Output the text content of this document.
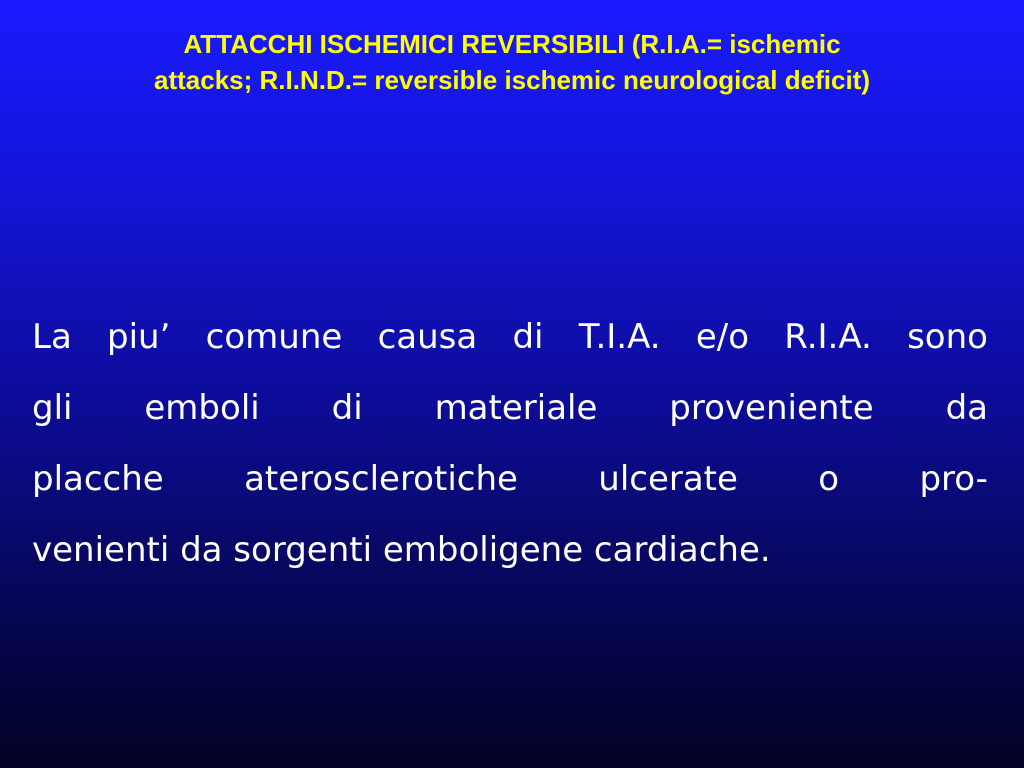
ATTACCHI ISCHEMICI REVERSIBILI (R.I.A.= ischemic
attacks; R.I.N.D.= reversible ischemic neurological deficit)
La piu’ comune causa di T.I.A. e/o R.I.A. sono
gli emboli di materiale proveniente da
placche aterosclerotiche ulcerate o pro-
venienti da sorgenti emboligene cardiache.
